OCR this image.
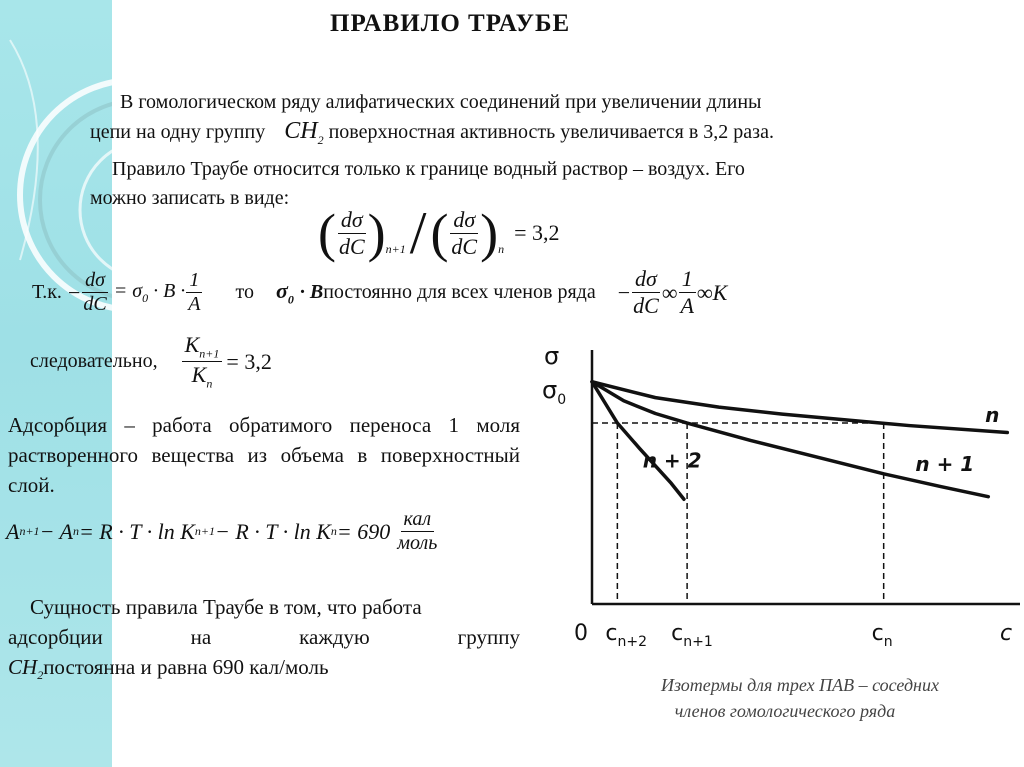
ПРАВИЛО ТРАУБЕ
В гомологическом ряду алифатических соединений при увеличении длины
цепи на одну группу $CH_2$ поверхностная активность увеличивается в 3,2 раза.
Правило Траубе относится только к границе водный раствор – воздух. Его
можно записать в виде:
( $\frac{d\sigma}{dC}$ ) n+1 / ( $\frac{d\sigma}{dC}$ ) n
= 3,2
Т.к. − $\frac{d\sigma}{dC} = \sigma_0 \cdot B \cdot \frac{1}{A}$ то $\sigma_0 \cdot B$ постоянно для всех членов ряда − $\frac{d\sigma}{dC}$ ∞ $\frac{1}{A} \infty K$
следовательно, $\frac{K_{n+1}}{K_n} = 3,2$
Адсорбция – работа обратимого переноса 1 моля растворенного вещества из объема в поверхностный слой.
A n+1 − A n = R · T · ln K n+1 − R · T · ln K $n = 690 \frac{\text{кал}}{\text{моль}}$
Сущность правила Траубе в том, что работа
адсорбции	на	каждую	группу
$CH_2постоянна$ и равна 690 кал/моль
σ
$\sigma_0$
$c_{n+2}$ $c_{n+1}$	$c_n$
0	c
n
n + 1
n + 2
Изотермы для трех ПАВ – соседних
членов гомологического ряда
